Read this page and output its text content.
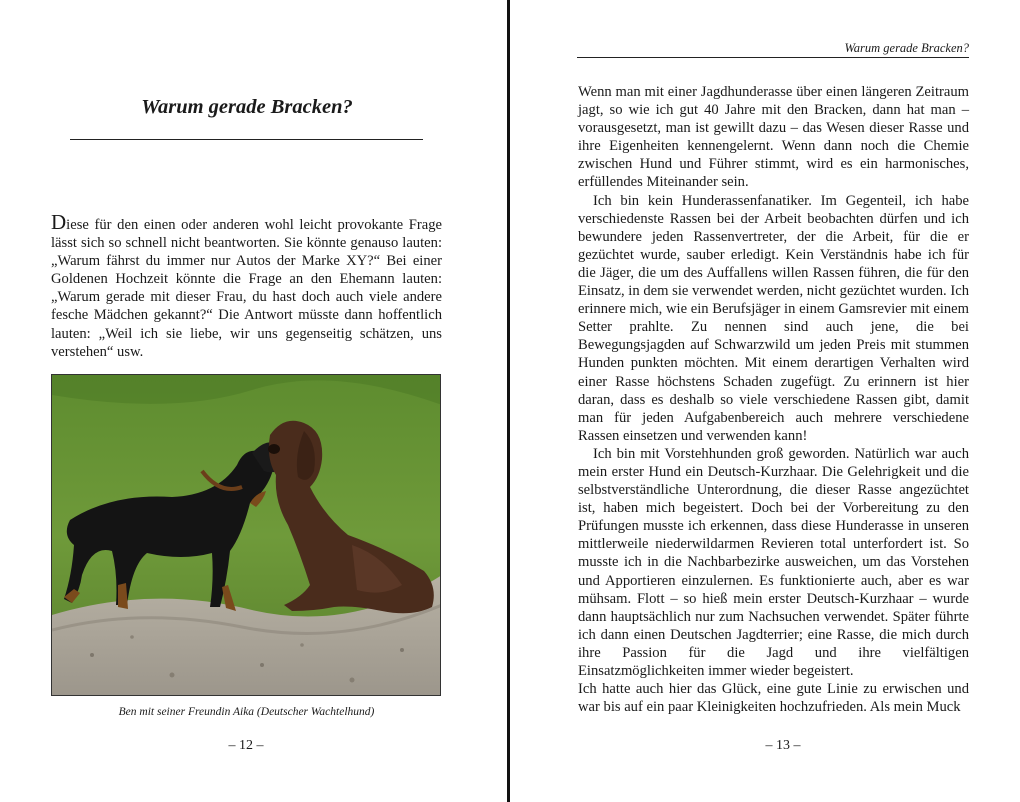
Warum gerade Bracken?

Diese für den einen oder anderen wohl leicht provokante Frage lässt sich so schnell nicht beantworten. Sie könnte genauso lauten: „Warum fährst du immer nur Autos der Marke XY?“ Bei einer Goldenen Hochzeit könnte die Frage an den Ehemann lauten: „Warum gerade mit dieser Frau, du hast doch auch viele andere fesche Mädchen gekannt?“ Die Antwort müsste dann hoffentlich lauten: „Weil ich sie liebe, wir uns gegenseitig schätzen, uns verstehen“ usw.

Ben mit seiner Freundin Aika (Deutscher Wachtelhund)
– 12 –
Warum gerade Bracken?

Wenn man mit einer Jagdhunderasse über einen längeren Zeitraum jagt, so wie ich gut 40 Jahre mit den Bracken, dann hat man – vorausgesetzt, man ist gewillt dazu – das Wesen dieser Rasse und ihre Eigenheiten kennengelernt. Wenn dann noch die Chemie zwischen Hund und Führer stimmt, wird es ein harmonisches, erfüllendes Miteinander sein.

Ich bin kein Hunderassenfanatiker. Im Gegenteil, ich habe verschiedenste Rassen bei der Arbeit beobachten dürfen und ich bewundere jeden Rassenvertreter, der die Arbeit, für die er gezüchtet wurde, sauber erledigt. Kein Verständnis habe ich für die Jäger, die um des Auffallens willen Rassen führen, die für den Einsatz, in dem sie verwendet werden, nicht gezüchtet wurden. Ich erinnere mich, wie ein Berufsjäger in einem Gamsrevier mit einem Setter prahlte. Zu nennen sind auch jene, die bei Bewegungsjagden auf Schwarzwild um jeden Preis mit stummen Hunden punkten möchten. Mit einem derartigen Verhalten wird einer Rasse höchstens Schaden zugefügt. Zu erinnern ist hier daran, dass es deshalb so viele verschiedene Rassen gibt, damit man für jeden Aufgabenbereich auch mehrere verschiedene Rassen einsetzen und verwenden kann!

Ich bin mit Vorstehhunden groß geworden. Natürlich war auch mein erster Hund ein Deutsch-Kurzhaar. Die Gelehrigkeit und die selbstverständliche Unterordnung, die dieser Rasse angezüchtet ist, haben mich begeistert. Doch bei der Vorbereitung zu den Prüfungen musste ich erkennen, dass diese Hunderasse in unseren mittlerweile niederwildarmen Revieren total unterfordert ist. So musste ich in die Nachbarbezirke ausweichen, um das Vorstehen und Apportieren einzulernen. Es funktionierte auch, aber es war mühsam. Flott – so hieß mein erster Deutsch-Kurzhaar – wurde dann hauptsächlich nur zum Nachsuchen verwendet. Später führte ich dann einen Deutschen Jagdterrier; eine Rasse, die mich durch ihre Passion für die Jagd und ihre vielfältigen Einsatzmöglichkeiten immer wieder begeistert.

Ich hatte auch hier das Glück, eine gute Linie zu erwischen und war bis auf ein paar Kleinigkeiten hochzufrieden. Als mein Muck

– 13 –
